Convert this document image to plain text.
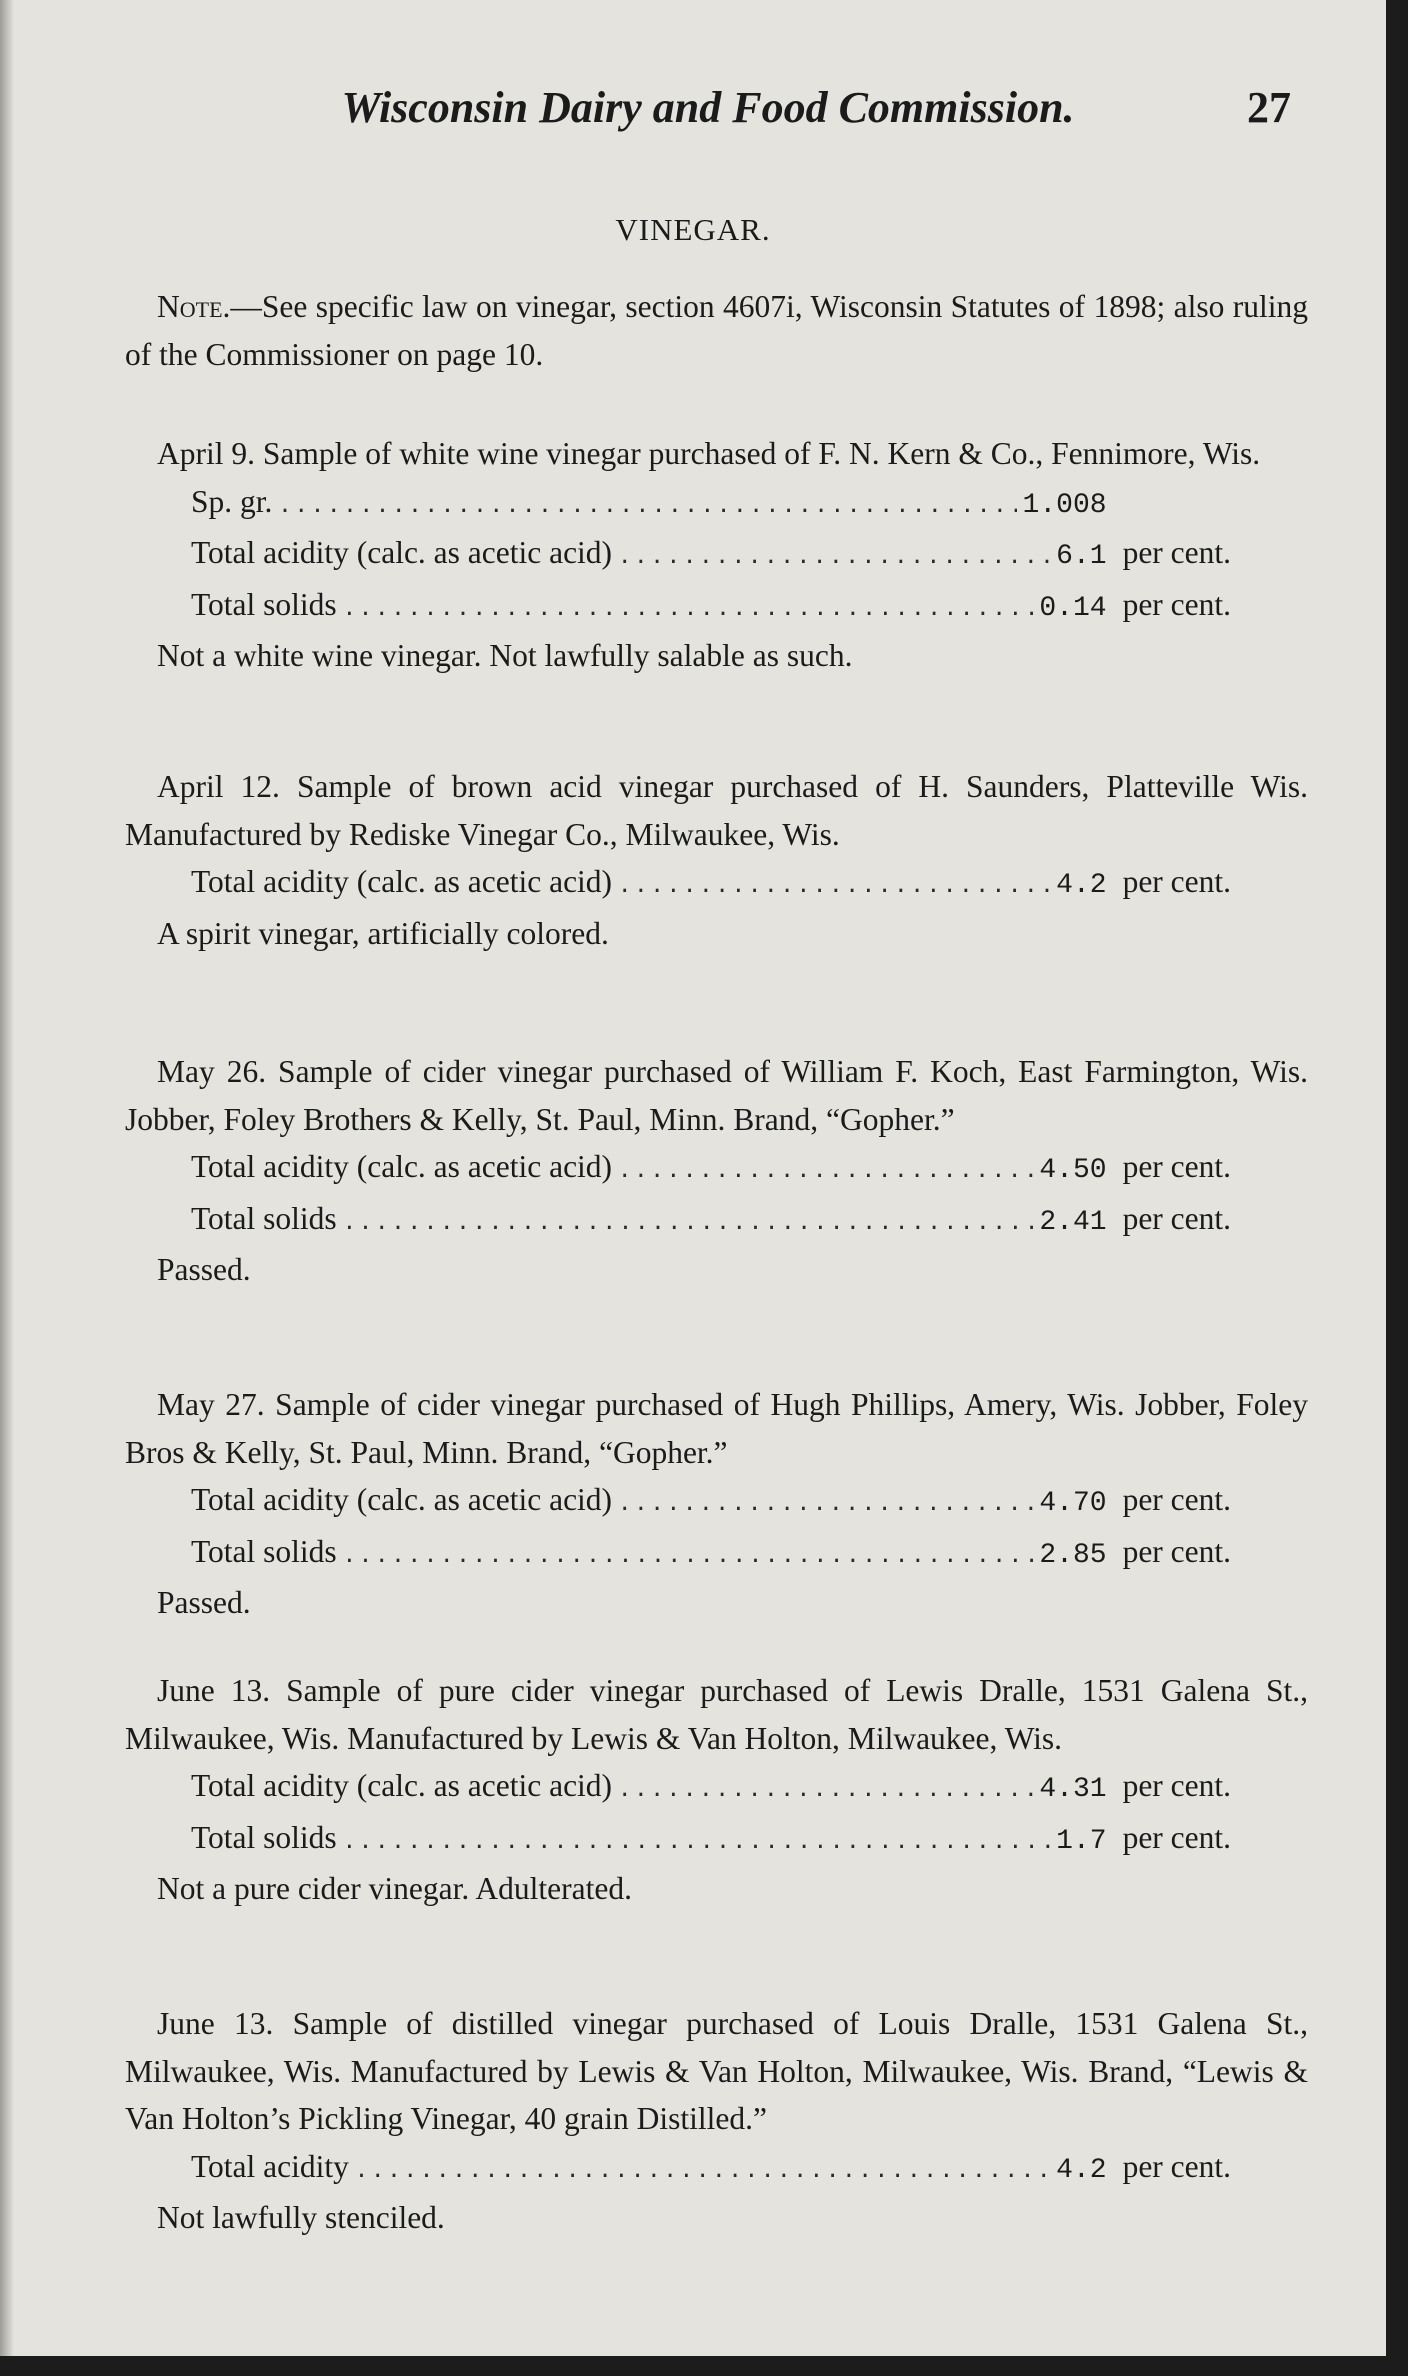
Wisconsin Dairy and Food Commission.	27
VINEGAR.

Note.—See specific law on vinegar, section 4607i, Wisconsin Statutes of 1898; also ruling of the Commissioner on page 10.

April 9. Sample of white wine vinegar purchased of F. N. Kern & Co., Fennimore, Wis.

Sp. gr. .....	1.008
Total acidity (calc. as acetic acid) .....	6.1 per cent.
Total solids .....	0.14 per cent.
Not a white wine vinegar. Not lawfully salable as such.

April 12. Sample of brown acid vinegar purchased of H. Saunders, Platteville Wis. Manufactured by Rediske Vinegar Co., Milwaukee, Wis.

Total acidity (calc. as acetic acid) .....	4.2 per cent.
A spirit vinegar, artificially colored.

May 26. Sample of cider vinegar purchased of William F. Koch, East Farmington, Wis. Jobber, Foley Brothers & Kelly, St. Paul, Minn. Brand, “Gopher.”

Total acidity (calc. as acetic acid) .....	4.50 per cent.
Total solids .....	2.41 per cent.
Passed.

May 27. Sample of cider vinegar purchased of Hugh Phillips, Amery, Wis. Jobber, Foley Bros & Kelly, St. Paul, Minn. Brand, “Gopher.”

Total acidity (calc. as acetic acid) .....	4.70 per cent.
Total solids .....	2.85 per cent.
Passed.

June 13. Sample of pure cider vinegar purchased of Lewis Dralle, 1531 Galena St., Milwaukee, Wis. Manufactured by Lewis & Van Holton, Milwaukee, Wis.

Total acidity (calc. as acetic acid) .....	4.31 per cent.
Total solids .....	1.7 per cent.
Not a pure cider vinegar. Adulterated.

June 13. Sample of distilled vinegar purchased of Louis Dralle, 1531 Galena St., Milwaukee, Wis. Manufactured by Lewis & Van Holton, Milwaukee, Wis. Brand, “Lewis & Van Holton’s Pickling Vinegar, 40 grain Distilled.”

Total acidity .....	4.2 per cent.
Not lawfully stenciled.
